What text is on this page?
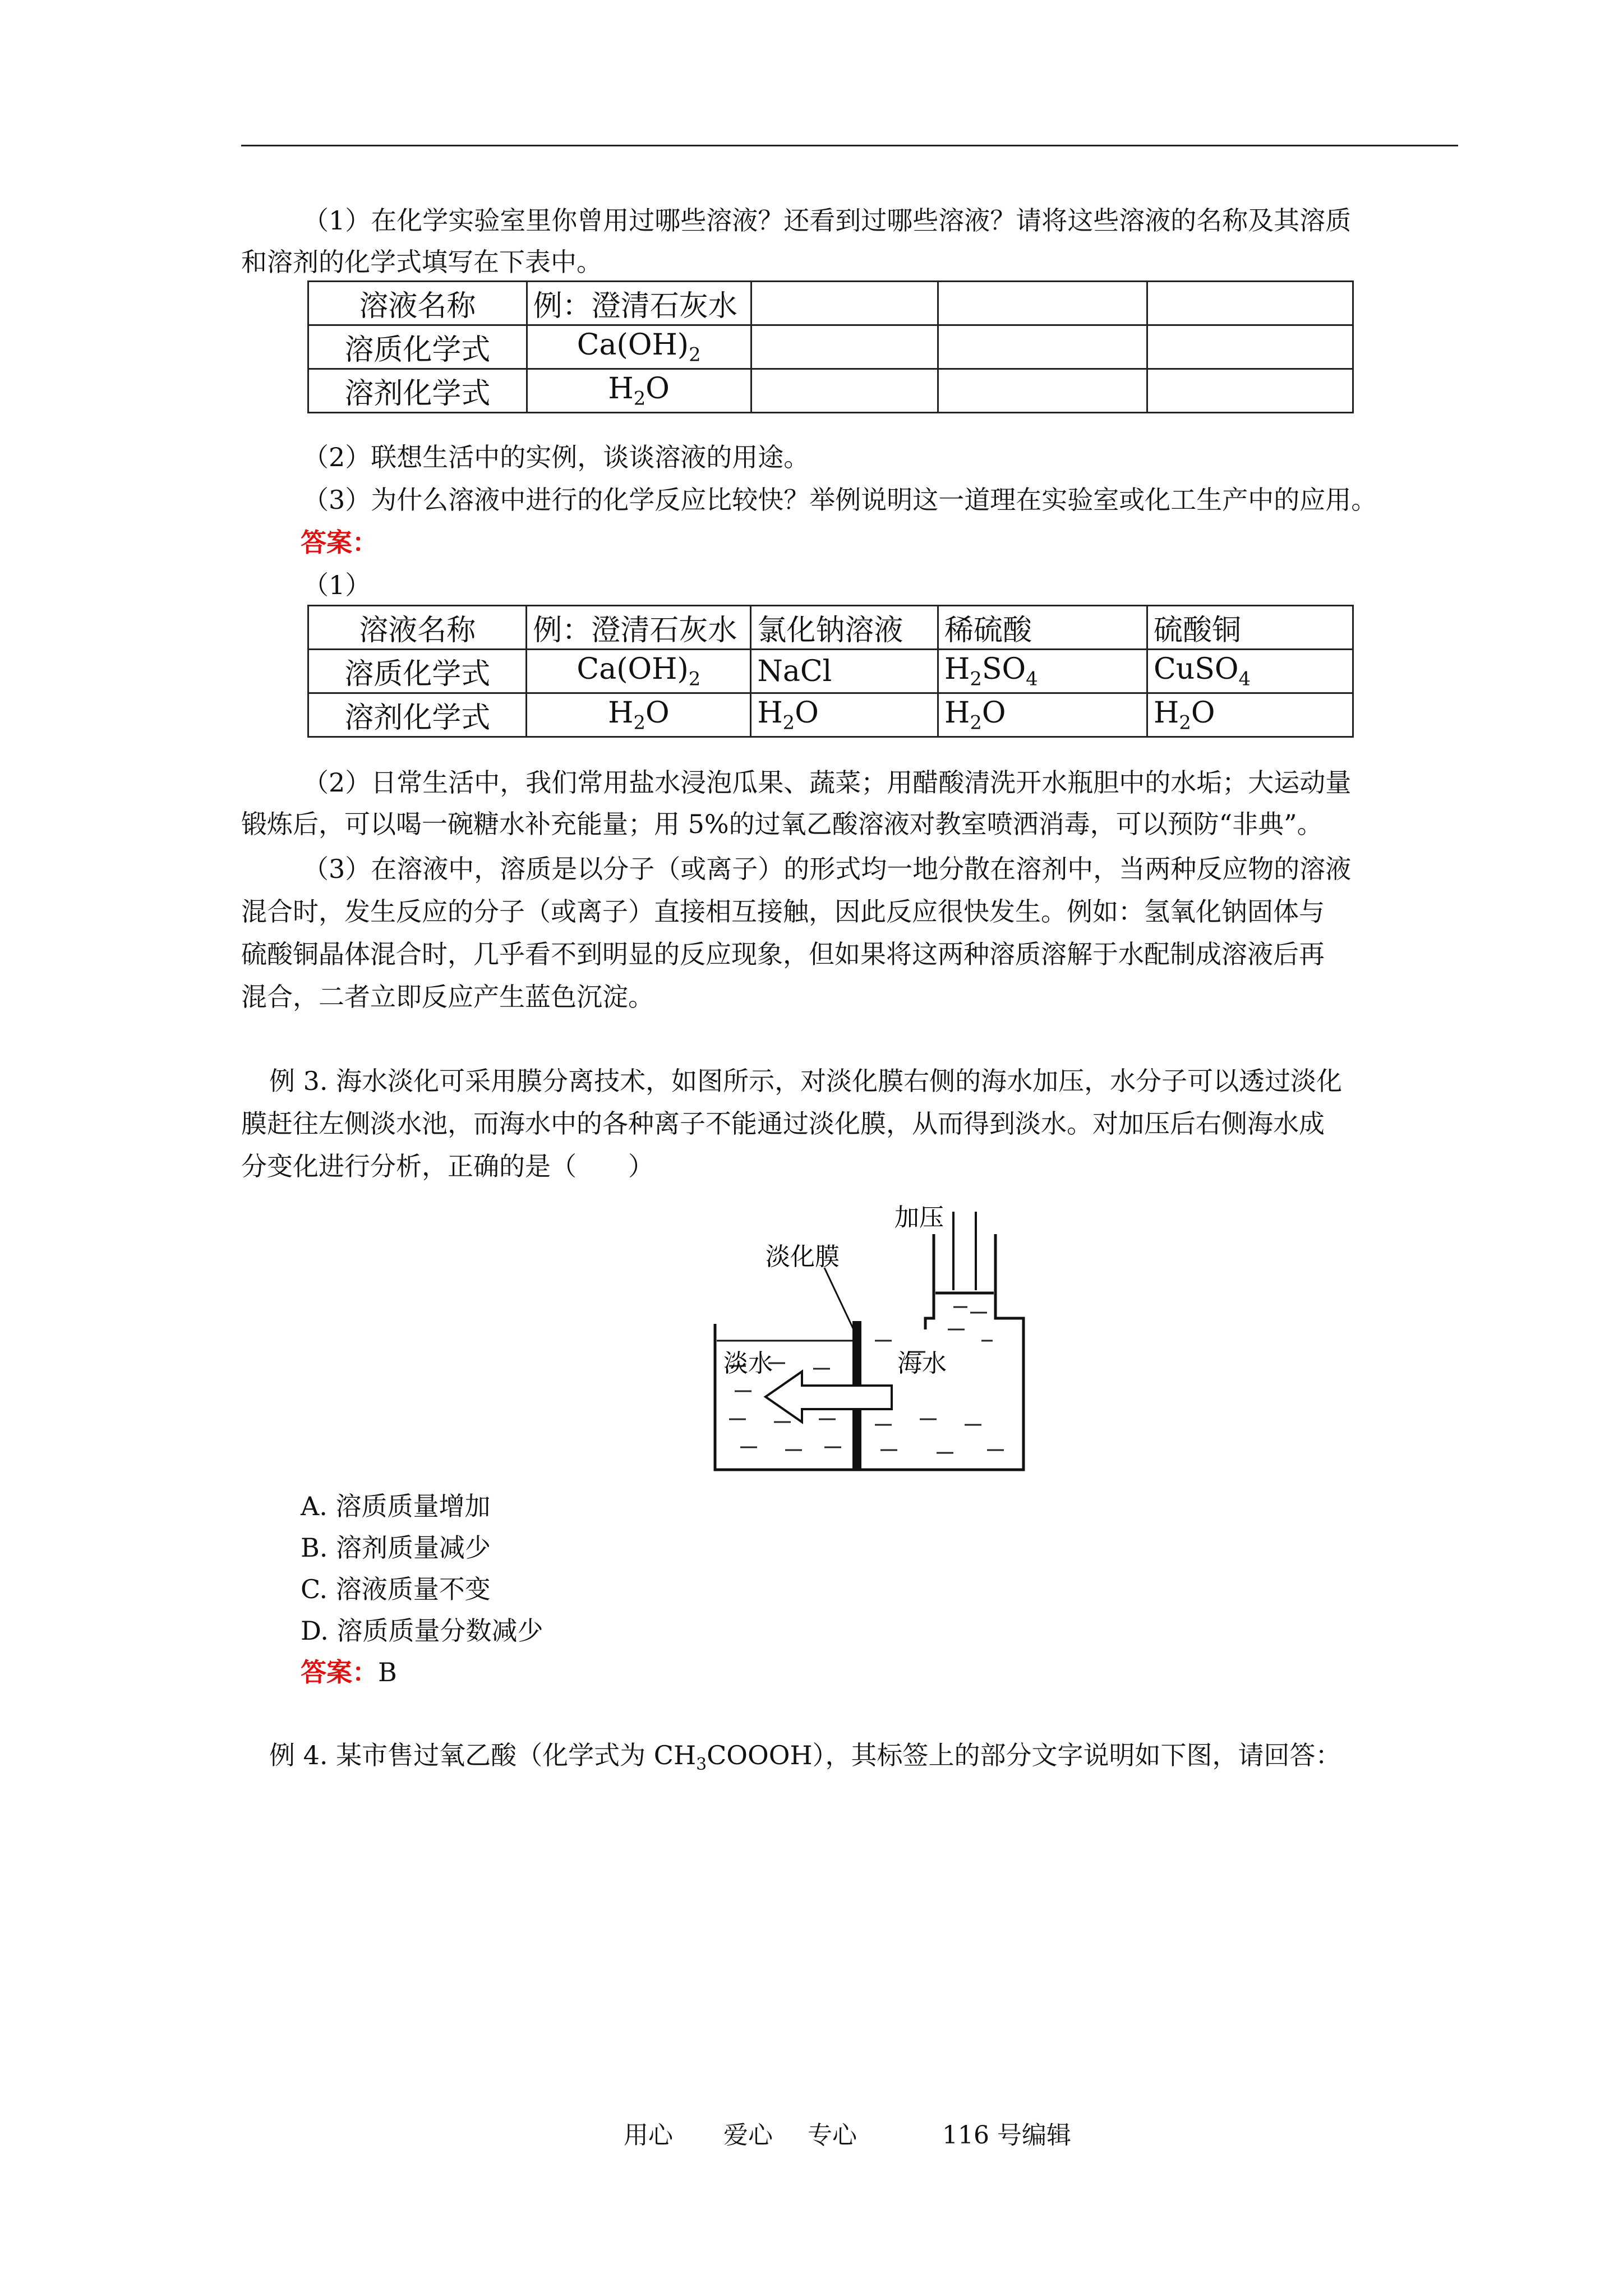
（1）在化学实验室里你曾用过哪些溶液？还看到过哪些溶液？请将这些溶液的名称及其溶质
和溶剂的化学式填写在下表中。
溶液名称	例：澄清石灰水			
溶质化学式	$Ca(OH)_2$			
溶剂化学式	$H_2O$			
（2）联想生活中的实例，谈谈溶液的用途。
（3）为什么溶液中进行的化学反应比较快？举例说明这一道理在实验室或化工生产中的应用。
答案：
（1）
溶液名称	例：澄清石灰水	氯化钠溶液	稀硫酸	硫酸铜
溶质化学式	$Ca(OH)_2$	NaCl	$H_2SO_4$	CuSO$_4$
溶剂化学式	$H_2O$	$H_2O$	$H_2O$	$H_2O$
（2）日常生活中，我们常用盐水浸泡瓜果、蔬菜；用醋酸清洗开水瓶胆中的水垢；大运动量
锻炼后，可以喝一碗糖水补充能量；用 5%的过氧乙酸溶液对教室喷洒消毒，可以预防“非典”。
（3）在溶液中，溶质是以分子（或离子）的形式均一地分散在溶剂中，当两种反应物的溶液
混合时，发生反应的分子（或离子）直接相互接触，因此反应很快发生。例如：氢氧化钠固体与
硫酸铜晶体混合时，几乎看不到明显的反应现象，但如果将这两种溶质溶解于水配制成溶液后再
混合，二者立即反应产生蓝色沉淀。
例 3. 海水淡化可采用膜分离技术，如图所示，对淡化膜右侧的海水加压，水分子可以透过淡化
膜赶往左侧淡水池，而海水中的各种离子不能通过淡化膜，从而得到淡水。对加压后右侧海水成
分变化进行分析，正确的是（　　）
加压
淡化膜
淡水	海水
A. 溶质质量增加
B. 溶剂质量减少
C. 溶液质量不变
D. 溶质质量分数减少
答案：B
例 4. 某市售过氧乙酸（化学式为 $CH_3COOOH$），其标签上的部分文字说明如下图，请回答：
用心 爱心 专心	116 号编辑
